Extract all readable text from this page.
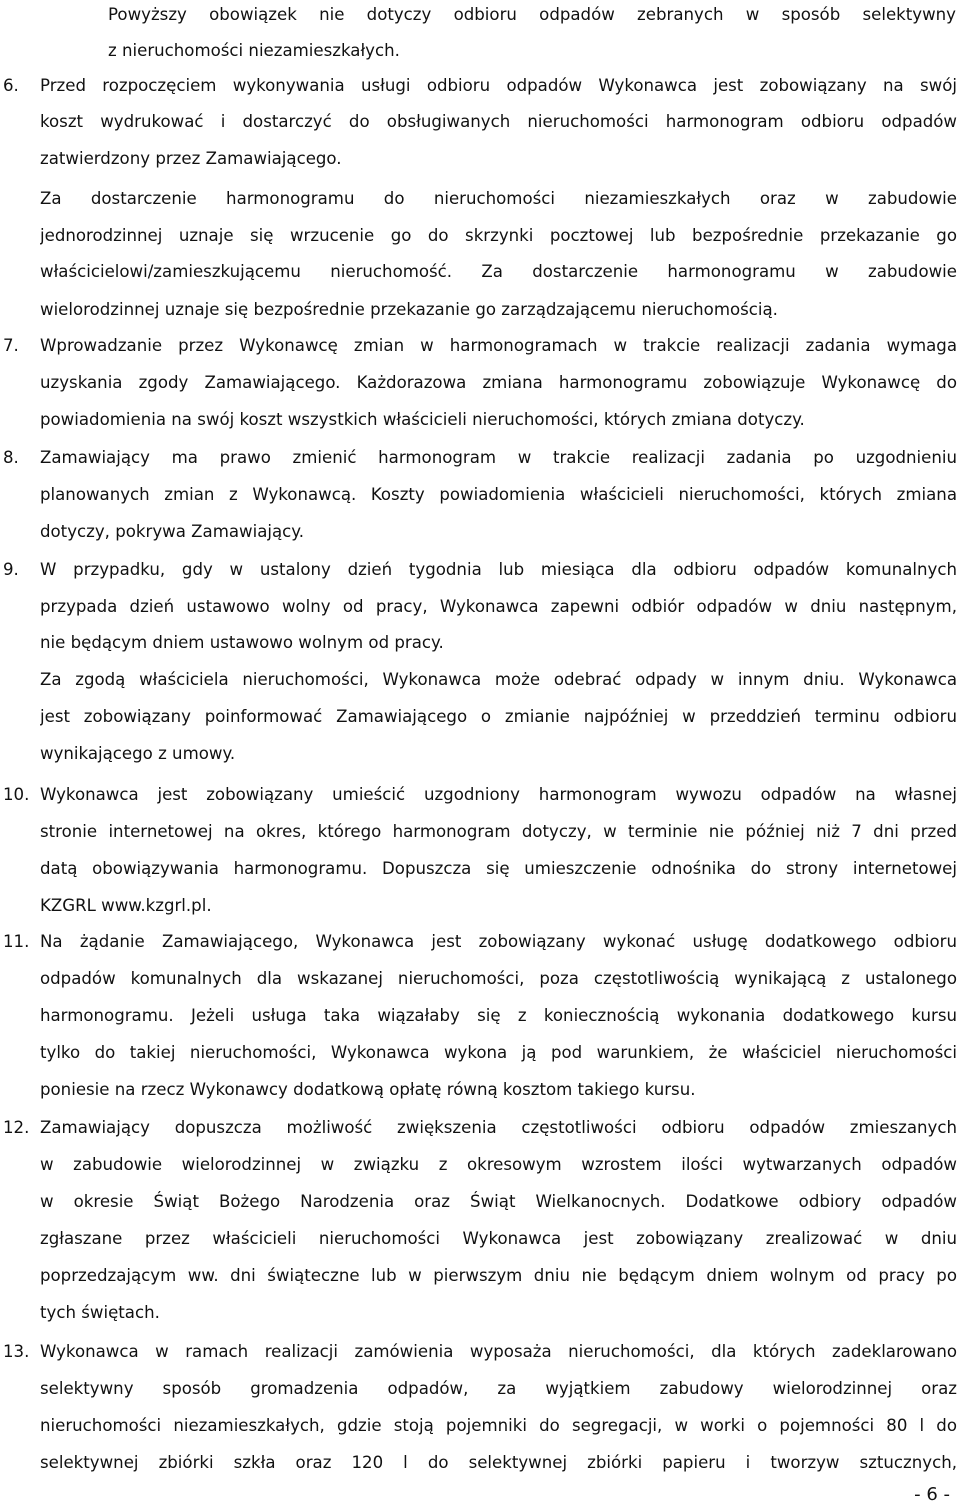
Powyższy obowiązek nie dotyczy odbioru odpadów zebranych w sposób selektywny
z nieruchomości niezamieszkałych.
6.	Przed rozpoczęciem wykonywania usługi odbioru odpadów Wykonawca jest zobowiązany na swój
koszt wydrukować i dostarczyć do obsługiwanych nieruchomości harmonogram odbioru odpadów
zatwierdzony przez Zamawiającego.
Za dostarczenie harmonogramu do nieruchomości niezamieszkałych oraz w zabudowie
jednorodzinnej uznaje się wrzucenie go do skrzynki pocztowej lub bezpośrednie przekazanie go
właścicielowi/zamieszkującemu nieruchomość. Za dostarczenie harmonogramu w zabudowie
wielorodzinnej uznaje się bezpośrednie przekazanie go zarządzającemu nieruchomością.
7.	Wprowadzanie przez Wykonawcę zmian w harmonogramach w trakcie realizacji zadania wymaga
uzyskania zgody Zamawiającego. Każdorazowa zmiana harmonogramu zobowiązuje Wykonawcę do
powiadomienia na swój koszt wszystkich właścicieli nieruchomości, których zmiana dotyczy.
8.	Zamawiający ma prawo zmienić harmonogram w trakcie realizacji zadania po uzgodnieniu
planowanych zmian z Wykonawcą. Koszty powiadomienia właścicieli nieruchomości, których zmiana
dotyczy, pokrywa Zamawiający.
9.	W przypadku, gdy w ustalony dzień tygodnia lub miesiąca dla odbioru odpadów komunalnych
przypada dzień ustawowo wolny od pracy, Wykonawca zapewni odbiór odpadów w dniu następnym,
nie będącym dniem ustawowo wolnym od pracy.
Za zgodą właściciela nieruchomości, Wykonawca może odebrać odpady w innym dniu. Wykonawca
jest zobowiązany poinformować Zamawiającego o zmianie najpóźniej w przeddzień terminu odbioru
wynikającego z umowy.
10. Wykonawca jest zobowiązany umieścić uzgodniony harmonogram wywozu odpadów na własnej
stronie internetowej na okres, którego harmonogram dotyczy, w terminie nie później niż 7 dni przed
datą obowiązywania harmonogramu. Dopuszcza się umieszczenie odnośnika do strony internetowej
KZGRL www.kzgrl.pl.
11. Na żądanie Zamawiającego, Wykonawca jest zobowiązany wykonać usługę dodatkowego odbioru
odpadów komunalnych dla wskazanej nieruchomości, poza częstotliwością wynikającą z ustalonego
harmonogramu. Jeżeli usługa taka wiązałaby się z koniecznością wykonania dodatkowego kursu
tylko do takiej nieruchomości, Wykonawca wykona ją pod warunkiem, że właściciel nieruchomości
poniesie na rzecz Wykonawcy dodatkową opłatę równą kosztom takiego kursu.
12. Zamawiający dopuszcza możliwość zwiększenia częstotliwości odbioru odpadów zmieszanych
w zabudowie wielorodzinnej w związku z okresowym wzrostem ilości wytwarzanych odpadów
w okresie Świąt Bożego Narodzenia oraz Świąt Wielkanocnych. Dodatkowe odbiory odpadów
zgłaszane przez właścicieli nieruchomości Wykonawca jest zobowiązany zrealizować w dniu
poprzedzającym ww. dni świąteczne lub w pierwszym dniu nie będącym dniem wolnym od pracy po
tych świętach.
13. Wykonawca w ramach realizacji zamówienia wyposaża nieruchomości, dla których zadeklarowano
selektywny sposób gromadzenia odpadów, za wyjątkiem zabudowy wielorodzinnej oraz
nieruchomości niezamieszkałych, gdzie stoją pojemniki do segregacji, w worki o pojemności 80 l do
selektywnej zbiórki szkła oraz 120 l do selektywnej zbiórki papieru i tworzyw sztucznych,
- 6 -
